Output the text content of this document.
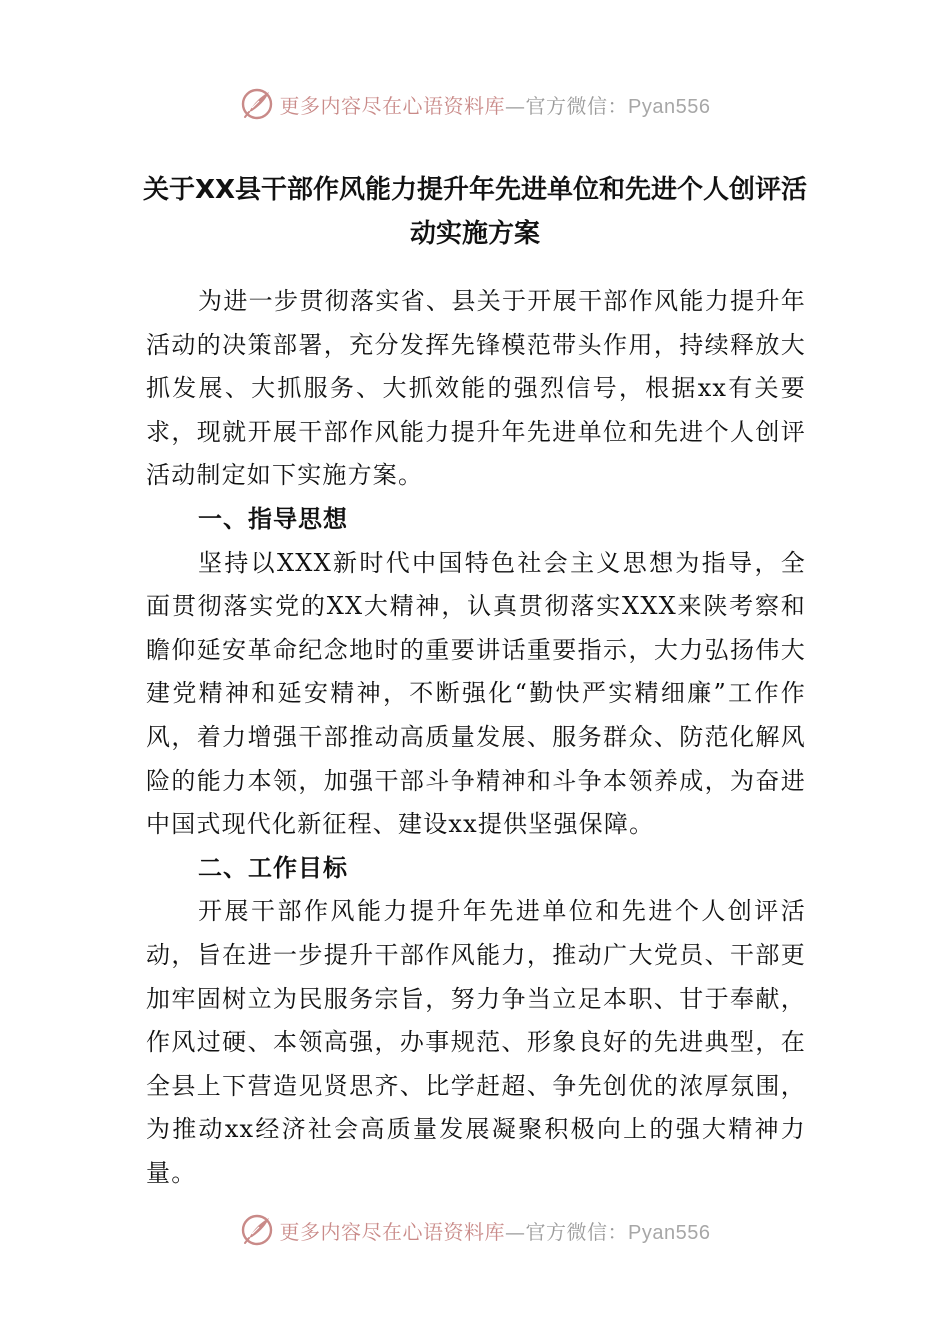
更多内容尽在心语资料库—官方微信：Pyan556
关于XX县干部作风能力提升年先进单位和先进个人创评活动实施方案

为进一步贯彻落实省、县关于开展干部作风能力提升年活动的决策部署，充分发挥先锋模范带头作用，持续释放大抓发展、大抓服务、大抓效能的强烈信号，根据xx有关要求，现就开展干部作风能力提升年先进单位和先进个人创评活动制定如下实施方案。

一、指导思想

坚持以XXX新时代中国特色社会主义思想为指导，全面贯彻落实党的XX大精神，认真贯彻落实XXX来陕考察和瞻仰延安革命纪念地时的重要讲话重要指示，大力弘扬伟大建党精神和延安精神，不断强化“勤快严实精细廉”工作作风，着力增强干部推动高质量发展、服务群众、防范化解风险的能力本领，加强干部斗争精神和斗争本领养成，为奋进中国式现代化新征程、建设xx提供坚强保障。

二、工作目标

开展干部作风能力提升年先进单位和先进个人创评活动，旨在进一步提升干部作风能力，推动广大党员、干部更加牢固树立为民服务宗旨，努力争当立足本职、甘于奉献，作风过硬、本领高强，办事规范、形象良好的先进典型，在全县上下营造见贤思齐、比学赶超、争先创优的浓厚氛围，为推动xx经济社会高质量发展凝聚积极向上的强大精神力量。

更多内容尽在心语资料库—官方微信：Pyan556
